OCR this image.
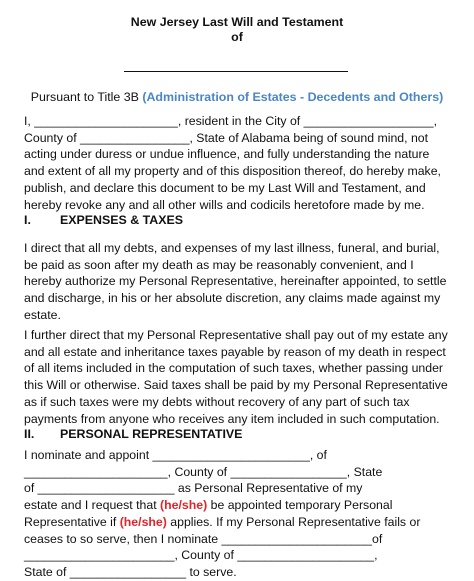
New Jersey Last Will and Testament
of
Pursuant to Title 3B (Administration of Estates - Decedents and Others)
I, _____________________, resident in the City of ___________________,
County of ________________, State of Alabama being of sound mind, not
acting under duress or undue influence, and fully understanding the nature
and extent of all my property and of this disposition thereof, do hereby make,
publish, and declare this document to be my Last Will and Testament, and
hereby revoke any and all other wills and codicils heretofore made by me.
I. EXPENSES & TAXES
I direct that all my debts, and expenses of my last illness, funeral, and burial,
be paid as soon after my death as may be reasonably convenient, and I
hereby authorize my Personal Representative, hereinafter appointed, to settle
and discharge, in his or her absolute discretion, any claims made against my
estate.
I further direct that my Personal Representative shall pay out of my estate any
and all estate and inheritance taxes payable by reason of my death in respect
of all items included in the computation of such taxes, whether passing under
this Will or otherwise. Said taxes shall be paid by my Personal Representative
as if such taxes were my debts without recovery of any part of such tax
payments from anyone who receives any item included in such computation.
II. PERSONAL REPRESENTATIVE
I nominate and appoint _______________________, of
_____________________, County of _________________, State
of ____________________ as Personal Representative of my
estate and I request that (he/she) be appointed temporary Personal
Representative if (he/she) applies. If my Personal Representative fails or
ceases to so serve, then I nominate ______________________of
______________________, County of ____________________,
State of _________________ to serve.
